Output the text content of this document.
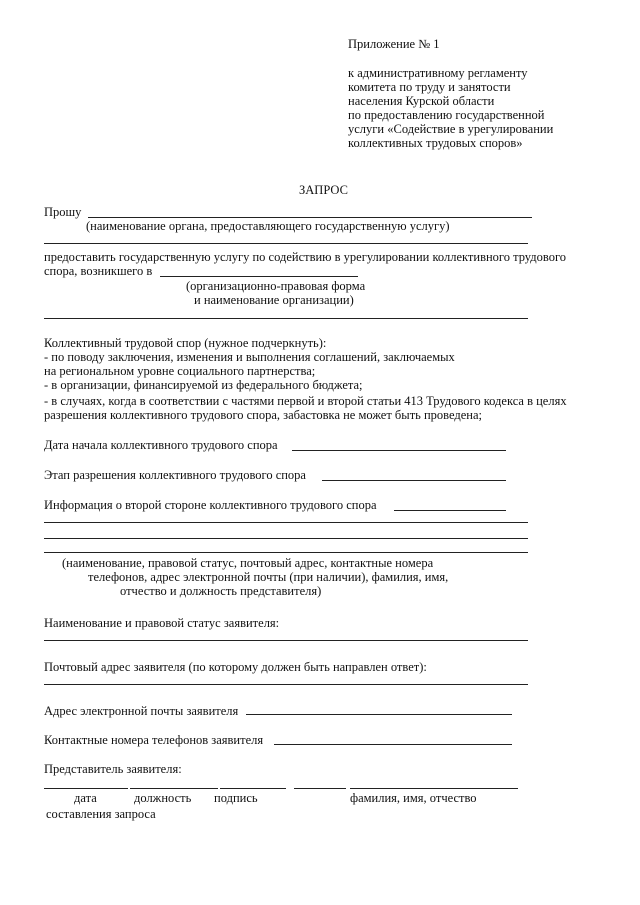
Приложение № 1
к административному регламенту
комитета по труду и занятости
населения Курской области
по предоставлению государственной
услуги «Содействие в урегулировании
коллективных трудовых споров»
ЗАПРОС
Прошу
(наименование органа, предоставляющего государственную услугу)
предоставить государственную услугу по содействию в урегулировании коллективного трудового
спора, возникшего в
(организационно-правовая форма
и наименование организации)
Коллективный трудовой спор (нужное подчеркнуть):
- по поводу заключения, изменения и выполнения соглашений, заключаемых
на региональном уровне социального партнерства;
- в организации, финансируемой из федерального бюджета;
- в случаях, когда в соответствии с частями первой и второй статьи 413 Трудового кодекса в целях
разрешения коллективного трудового спора, забастовка не может быть проведена;
Дата начала коллективного трудового спора
Этап разрешения коллективного трудового спора
Информация о второй стороне коллективного трудового спора
(наименование, правовой статус, почтовый адрес, контактные номера
телефонов, адрес электронной почты (при наличии), фамилия, имя,
отчество и должность представителя)
Наименование и правовой статус заявителя:
Почтовый адрес заявителя (по которому должен быть направлен ответ):
Адрес электронной почты заявителя
Контактные номера телефонов заявителя
Представитель заявителя:
дата	должность подпись	фамилия, имя, отчество
составления запроса
